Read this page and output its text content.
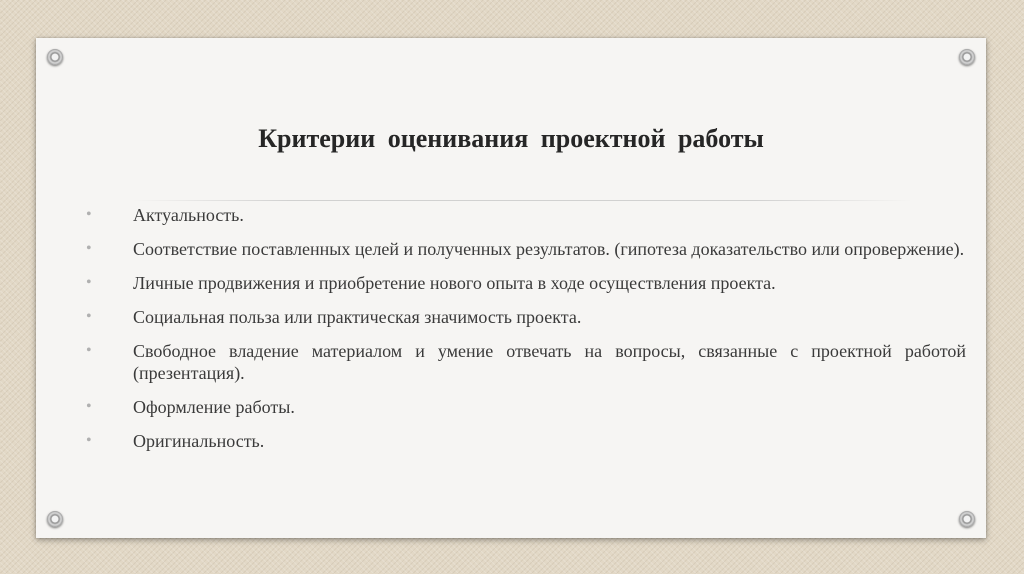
Критерии оценивания проектной работы
• Актуальность.
• Соответствие поставленных целей и полученных результатов. (гипотеза доказательство или опровержение).
• Личные продвижения и приобретение нового опыта в ходе осуществления проекта.
• Социальная польза или практическая значимость проекта.
• Свободное владение материалом и умение отвечать на вопросы, связанные с проектной работой (презентация).
• Оформление работы.
• Оригинальность.
